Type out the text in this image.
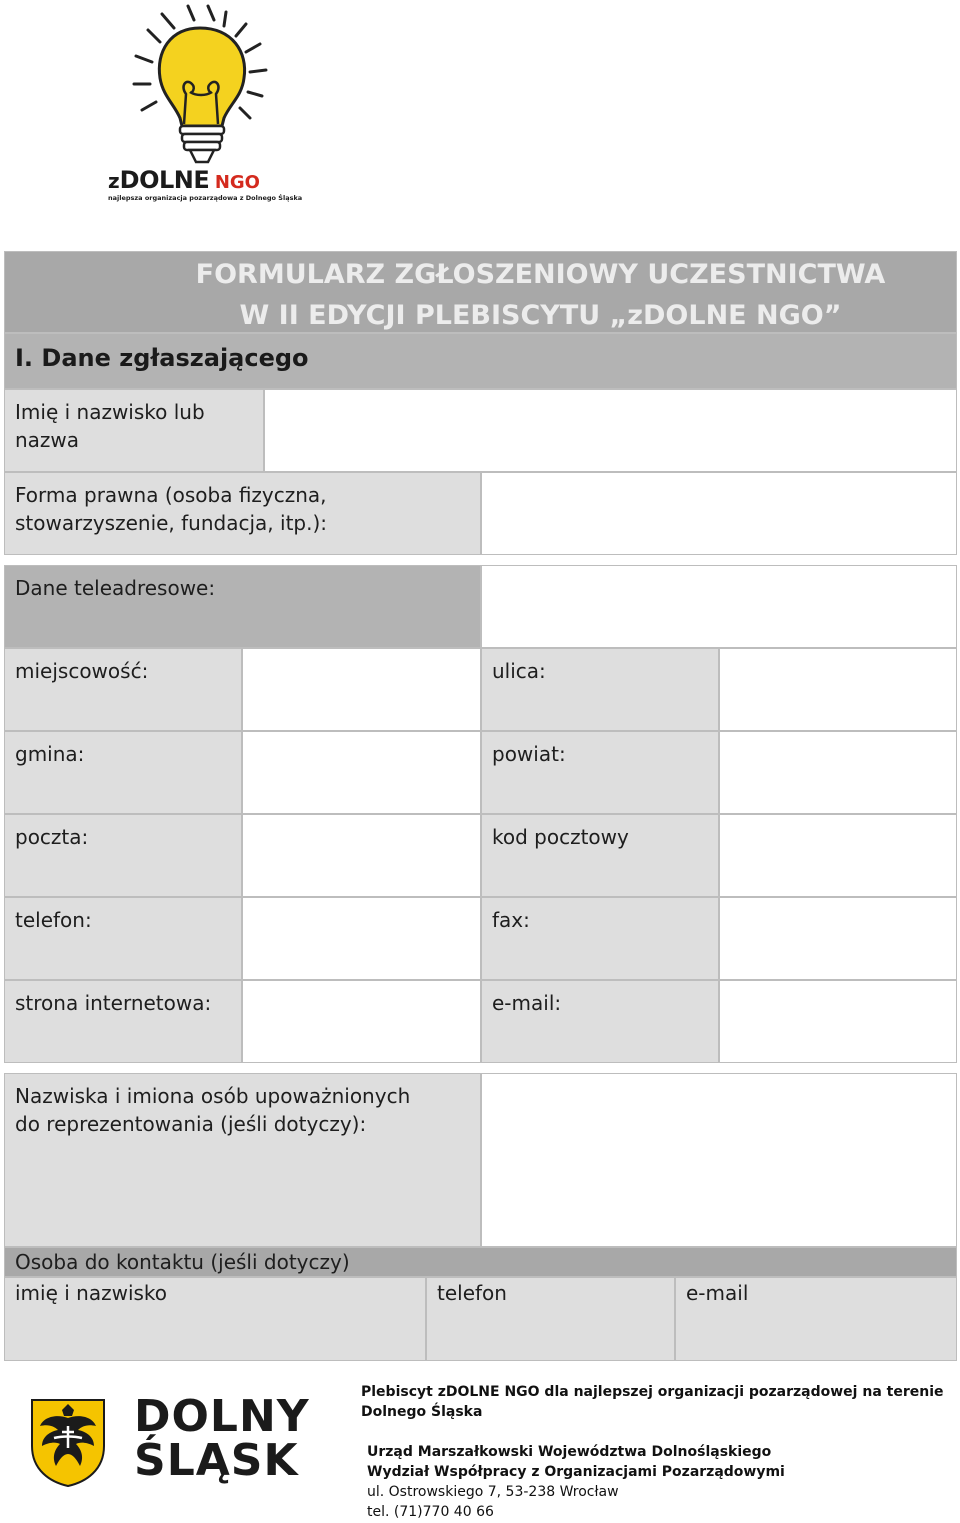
zDOLNE NGO
najlepsza organizacja pozarządowa z Dolnego Śląska
FORMULARZ ZGŁOSZENIOWY UCZESTNICTWA
W II EDYCJI PLEBISCYTU „zDOLNE NGO”
I. Dane zgłaszającego
Imię i nazwisko lub nazwa
Forma prawna (osoba fizyczna, stowarzyszenie, fundacja, itp.):
Dane teleadresowe:
miejscowość:	ulica:
gmina:	powiat:
poczta:	kod pocztowy
telefon:	fax:
strona internetowa:	e-mail:
Nazwiska i imiona osób upoważnionych do reprezentowania (jeśli dotyczy):
Osoba do kontaktu (jeśli dotyczy)
imię i nazwisko	telefon	e-mail
DOLNY
ŚLĄSK
Plebiscyt zDOLNE NGO dla najlepszej organizacji pozarządowej na terenie Dolnego Śląska
Urząd Marszałkowski Województwa Dolnośląskiego
Wydział Współpracy z Organizacjami Pozarządowymi
ul. Ostrowskiego 7, 53-238 Wrocław
tel. (71)770 40 66
